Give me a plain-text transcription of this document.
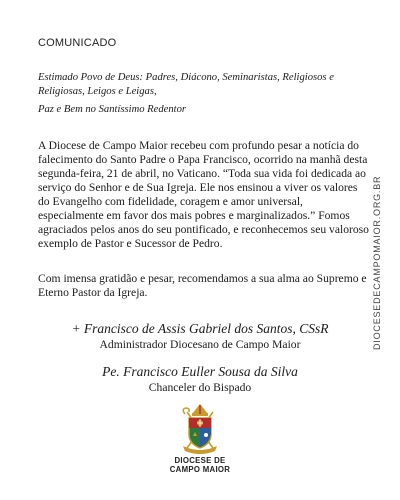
COMUNICADO
Estimado Povo de Deus: Padres, Diácono, Seminaristas, Religiosos e Religiosas, Leigos e Leigas,
Paz e Bem no Santíssimo Redentor
A Diocese de Campo Maior recebeu com profundo pesar a notícia do falecimento do Santo Padre o Papa Francisco, ocorrido na manhã desta segunda-feira, 21 de abril, no Vaticano. “Toda sua vida foi dedicada ao serviço do Senhor e de Sua Igreja. Ele nos ensinou a viver os valores do Evangelho com fidelidade, coragem e amor universal, especialmente em favor dos mais pobres e marginalizados.” Fomos agraciados pelos anos do seu pontificado, e reconhecemos seu valoroso exemplo de Pastor e Sucessor de Pedro.
Com imensa gratidão e pesar, recomendamos a sua alma ao Supremo e Eterno Pastor da Igreja.
+ Francisco de Assis Gabriel dos Santos, CSsR
Administrador Diocesano de Campo Maior
Pe. Francisco Euller Sousa da Silva
Chanceler do Bispado
DIOCESEDECAMPOMAIOR.ORG.BR
DIOCESE DE
CAMPO MAIOR
